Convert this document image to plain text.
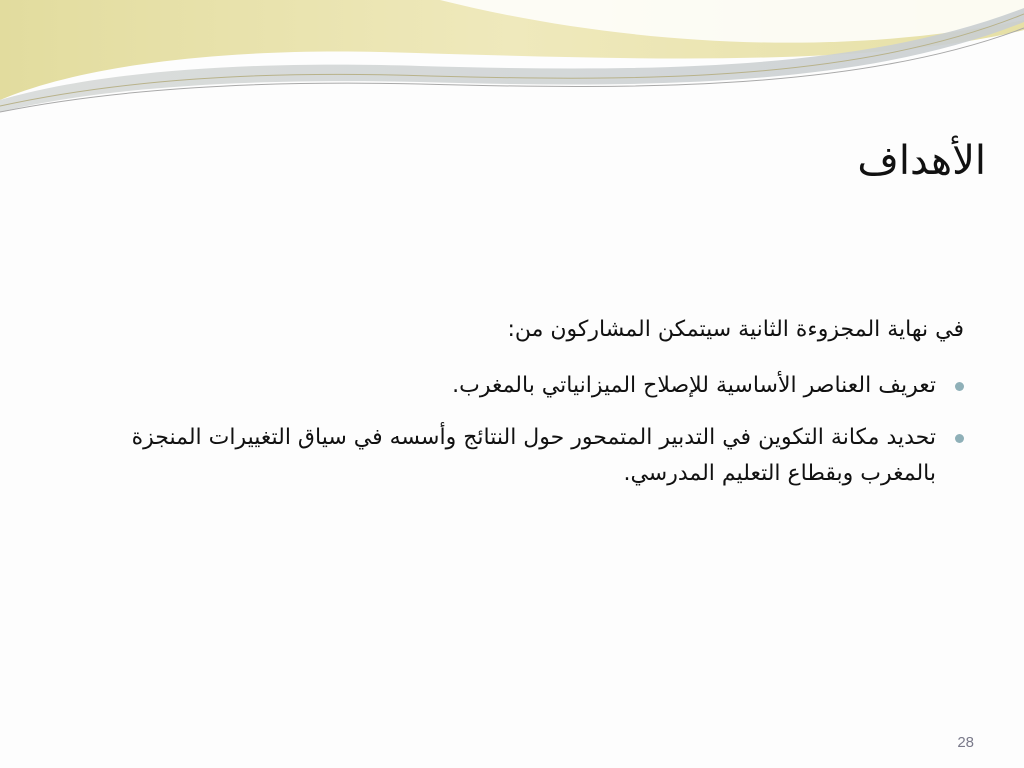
الأهداف

في نهاية المجزوءة الثانية سيتمكن المشاركون من:

تعريف العناصر الأساسية للإصلاح الميزانياتي بالمغرب.
تحديد مكانة التكوين في التدبير المتمحور حول النتائج وأسسه في سياق التغييرات المنجزة بالمغرب وبقطاع التعليم المدرسي.
28
